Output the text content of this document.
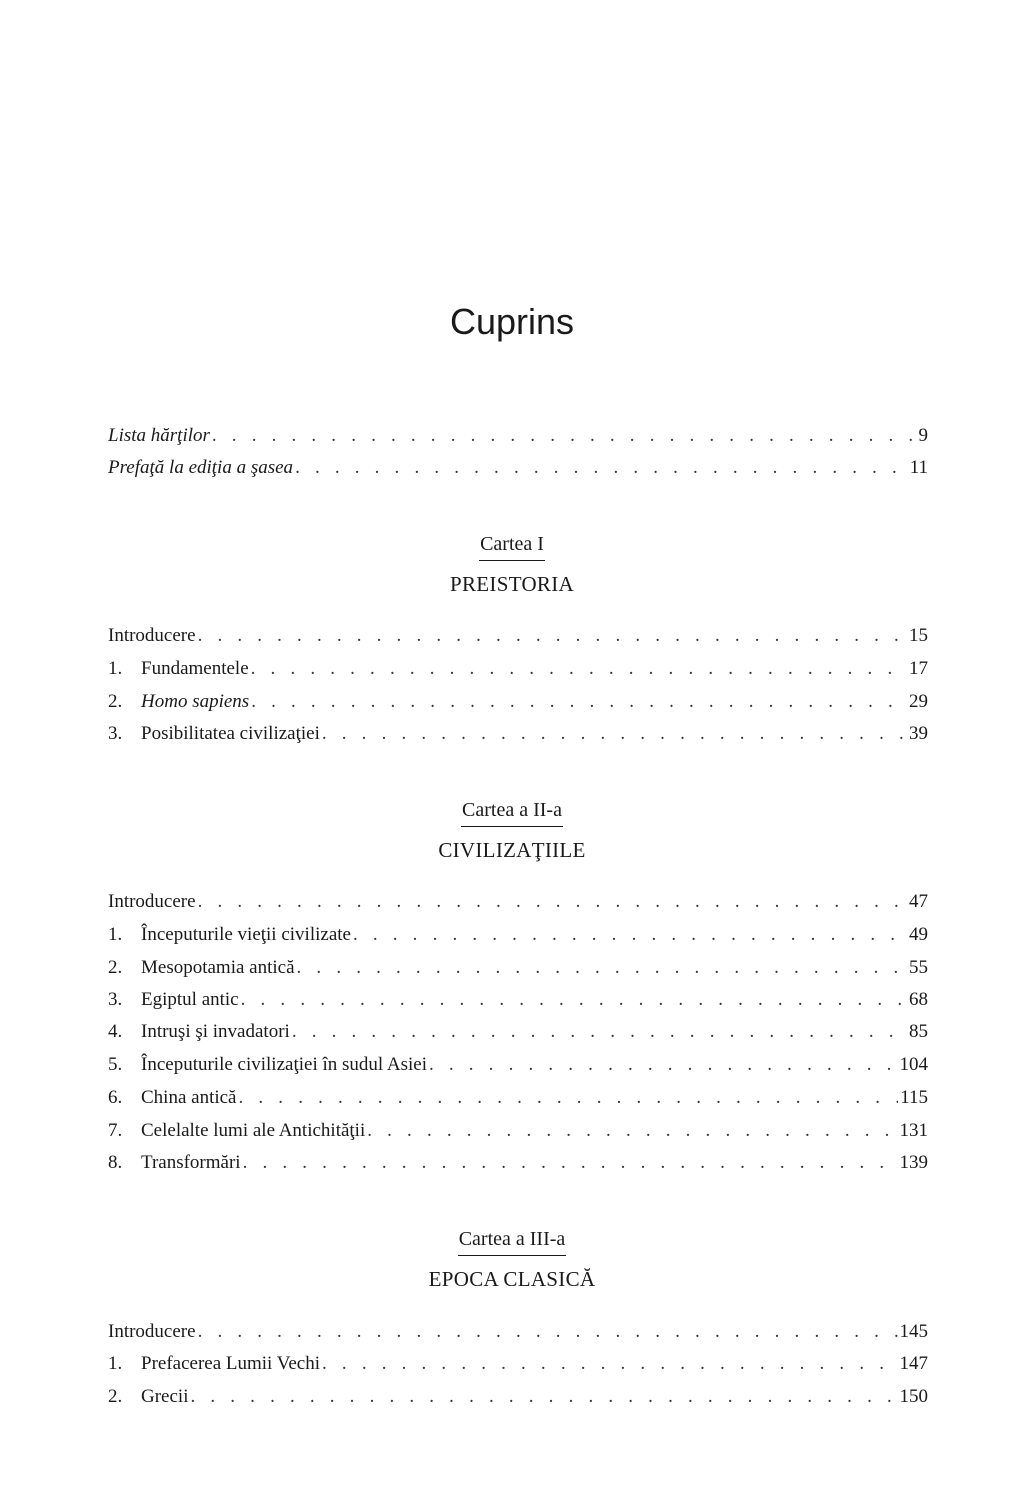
Cuprins
Lista hărţilor . . .	9
Prefaţă la ediţia a şasea . . .	11
Introducere . . .	15
1. Fundamentele . . .	17
2. Homo sapiens . . .	29
3. Posibilitatea civilizaţiei . . .	39
Introducere . . .	47
1. Începuturile vieţii civilizate . . .	49
2. Mesopotamia antică . . .	55
3. Egiptul antic . . .	68
4. Intruşi şi invadatori . . .	85
5. Începuturile civilizaţiei în sudul Asiei . . .	104
6. China antică . . .	115
7. Celelalte lumi ale Antichităţii . . .	131
8. Transformări . . .	139
Introducere . . .	145
1. Prefacerea Lumii Vechi . . .	147
2. Grecii . . .	150
Cartea I
PREISTORIA
Cartea a II-a
CIVILIZAŢIILE
Cartea a III-a
EPOCA CLASICĂ
